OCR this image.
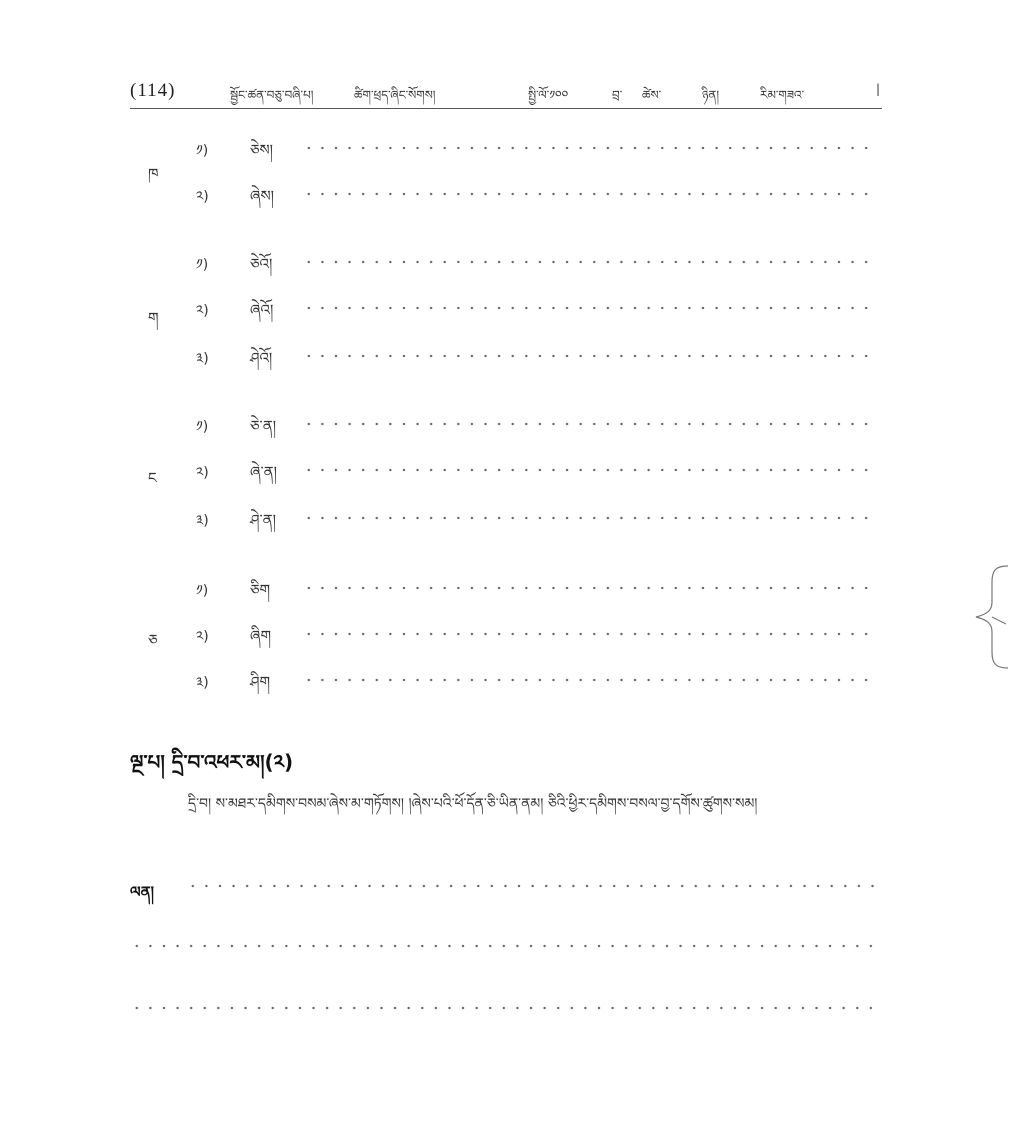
(114)	སྦྱོང་ཚན་བཅུ་བཞི་པ།	ཚིག་ཕྲད་ཞིང་སོགས།	སྤྱི་ལོ་༡༠༠	བྲ་ ཚེས་	ཉིན།	རིམ་གཟའ་	|
ཁ
༡)	ཅེས།
༢)	ཞེས།
ག
༡)	ཅེའོ།
༢)	ཞེའོ།
༣)	ཤེའོ།
ང
༡)	ཅེ་ན།
༢)	ཞེ་ན།
༣)	ཤེ་ན།
ཅ
༡)	ཅིག
༢)	ཞིག
༣)	ཤིག
ལྔ་པ། དྲི་བ་འཕར་མ།(༢)
དྲི་བ། ས་མཐར་དམིགས་བསམ་ཞེས་མ་གཏོགས། །ཞེས་པའི་ཕོ་དོན་ཅི་ཡིན་ནམ། ཅིའི་ཕྱིར་དམིགས་བསལ་བྱ་དགོས་ཚུགས་སམ།
ལན།
